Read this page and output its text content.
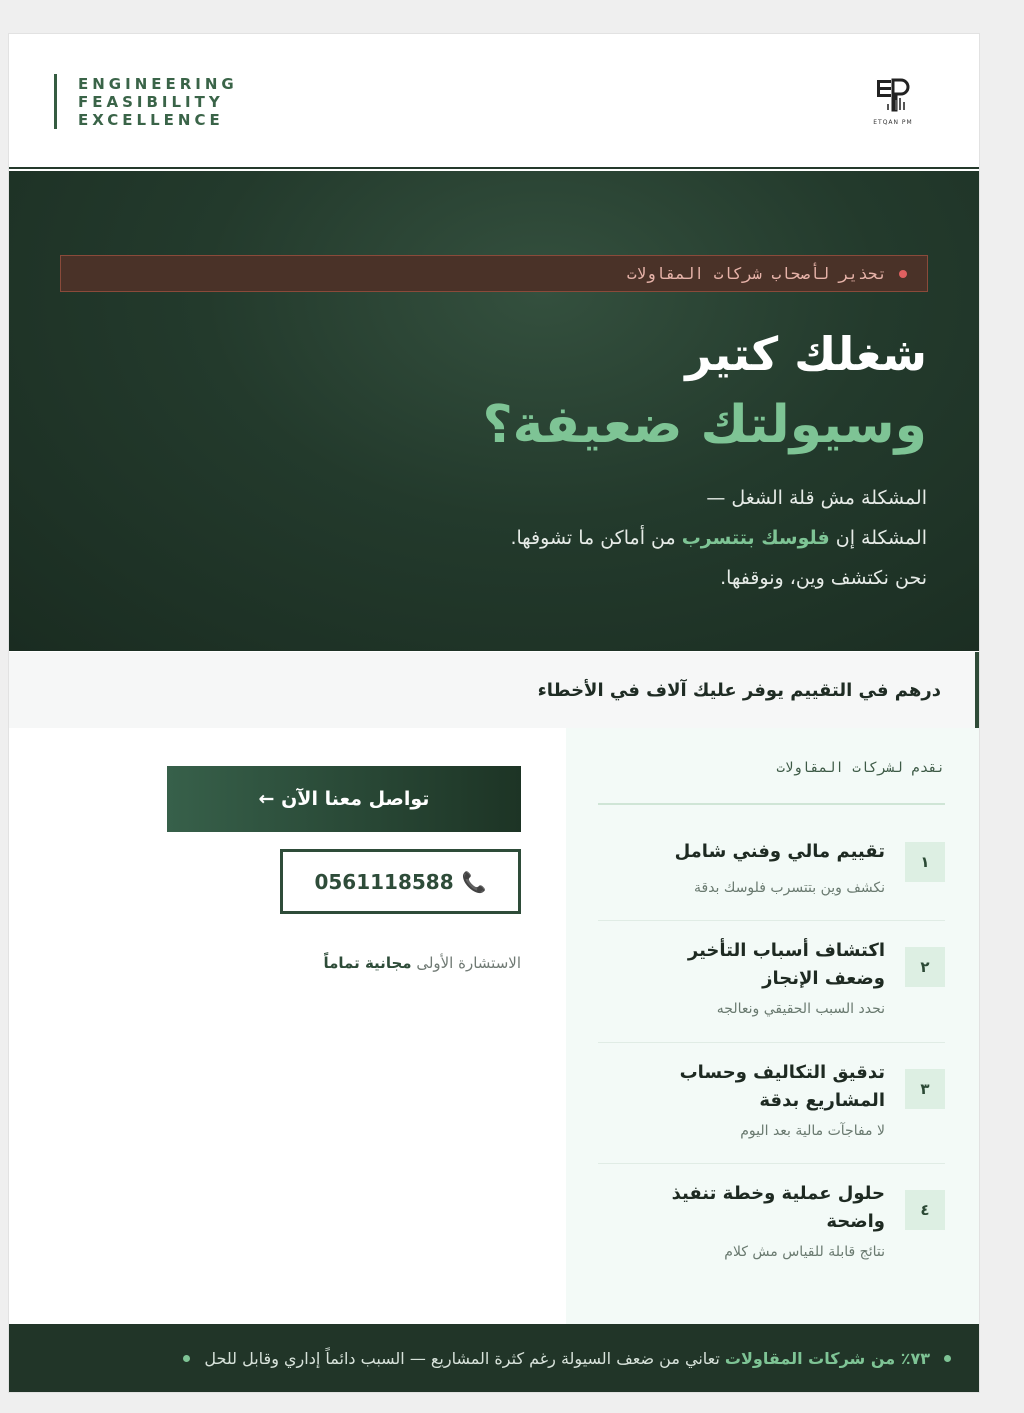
ENGINEERING
FEASIBILITY
EXCELLENCE	ETQAN PM
تحذير لأصحاب شركات المقاولات
شغلك كتير
وسيولتك ضعيفة؟
المشكلة مش قلة الشغل —
المشكلة إن فلوسك بتتسرب من أماكن ما تشوفها.
نحن نكتشف وين، ونوقفها.
درهم في التقييم يوفر عليك آلاف في الأخطاء
نقدم لشركات المقاولات
١
تقييم مالي وفني شامل
نكشف وين بتتسرب فلوسك بدقة
٢
اكتشاف أسباب التأخير وضعف الإنجاز
نحدد السبب الحقيقي ونعالجه
٣
تدقيق التكاليف وحساب المشاريع بدقة
لا مفاجآت مالية بعد اليوم
٤
حلول عملية وخطة تنفيذ واضحة
نتائج قابلة للقياس مش كلام
تواصل معنا الآن ←
0561118588 📞
الاستشارة الأولى مجانية تماماً
٧٣٪ من شركات المقاولات تعاني من ضعف السيولة رغم كثرة المشاريع — السبب دائماً إداري وقابل للحل
